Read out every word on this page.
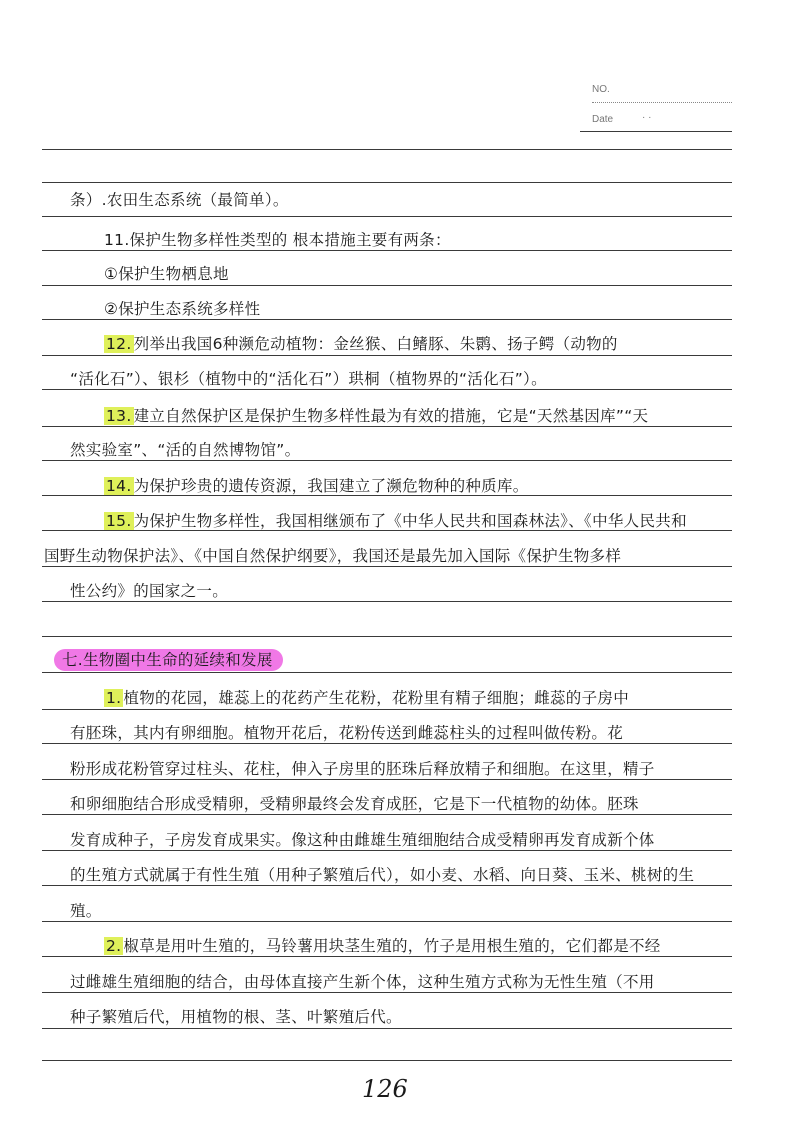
NO.
Date	· ·
条）.农田生态系统（最简单）。
11.保护生物多样性类型的 根本措施主要有两条：
①保护生物栖息地
②保护生态系统多样性
12. 列举出我国6种濒危动植物：金丝猴、白鳍豚、朱鹮、扬子鳄（动物的
“活化石”）、银杉（植物中的“活化石”）珙桐（植物界的“活化石”）。
13. 建立自然保护区是保护生物多样性最为有效的措施，它是“天然基因库”“天
然实验室”、“活的自然博物馆”。
14. 为保护珍贵的遗传资源，我国建立了濒危物种的种质库。
15. 为保护生物多样性，我国相继颁布了《中华人民共和国森林法》、《中华人民共和
国野生动物保护法》、《中国自然保护纲要》，我国还是最先加入国际《保护生物多样
性公约》的国家之一。
七.生物圈中生命的延续和发展
1. 植物的花园，雄蕊上的花药产生花粉，花粉里有精子细胞；雌蕊的子房中
有胚珠，其内有卵细胞。植物开花后，花粉传送到雌蕊柱头的过程叫做传粉。花
粉形成花粉管穿过柱头、花柱，伸入子房里的胚珠后释放精子和细胞。在这里，精子
和卵细胞结合形成受精卵，受精卵最终会发育成胚，它是下一代植物的幼体。胚珠
发育成种子，子房发育成果实。像这种由雌雄生殖细胞结合成受精卵再发育成新个体
的生殖方式就属于有性生殖（用种子繁殖后代），如小麦、水稻、向日葵、玉米、桃树的生
殖。
2. 椒草是用叶生殖的，马铃薯用块茎生殖的，竹子是用根生殖的，它们都是不经
过雌雄生殖细胞的结合，由母体直接产生新个体，这种生殖方式称为无性生殖（不用
种子繁殖后代，用植物的根、茎、叶繁殖后代。
126
